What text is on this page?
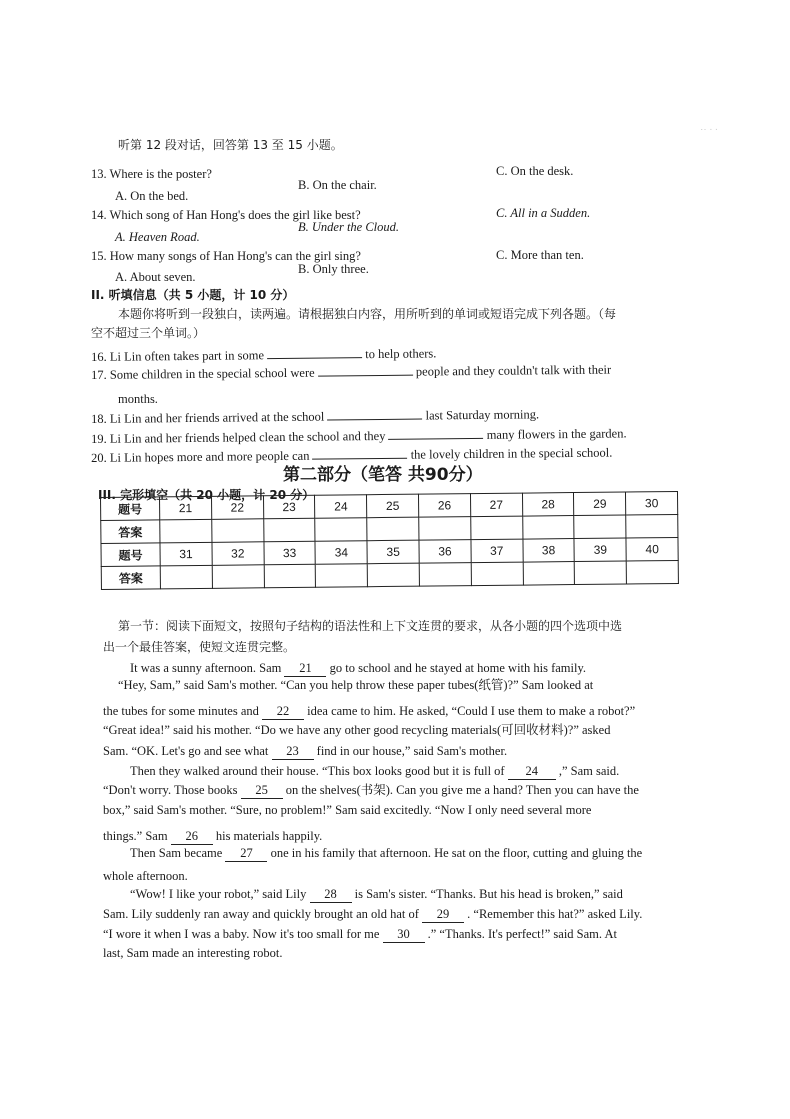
‥ . .
听第 12 段对话，回答第 13 至 15 小题。
13. Where is the poster?	C. On the desk.
B. On the chair.
A. On the bed.
14. Which song of Han Hong's does the girl like best?	C. All in a Sudden.
B. Under the Cloud.
A. Heaven Road.
15. How many songs of Han Hong's can the girl sing?	C. More than ten.
B. Only three.
A. About seven.
II. 听填信息（共 5 小题，计 10 分）
本题你将听到一段独白，读两遍。请根据独白内容，用所听到的单词或短语完成下列各题。（每
空不超过三个单词。）
16. Li Lin often takes part in some	to help others.
17. Some children in the special school were	people and they couldn't talk with their
months.
18. Li Lin and her friends arrived at the school	last Saturday morning.
19. Li Lin and her friends helped clean the school and they	many flowers in the garden.
20. Li Lin hopes more and more people can	the lovely children in the special school.
第二部分（笔答 共90分）
III. 完形填空（共 20 小题，计 20 分）
题号	21	22	23	24	25	26	27	28	29	30
答案										
题号	31	32	33	34	35	36	37	38	39	40
答案										
第一节：阅读下面短文，按照句子结构的语法性和上下文连贯的要求，从各小题的四个选项中选
出一个最佳答案，使短文连贯完整。
It was a sunny afternoon. Sam 21 go to school and he stayed at home with his family.
“Hey, Sam,” said Sam's mother. “Can you help throw these paper tubes(纸管)?” Sam looked at
the tubes for some minutes and 22 idea came to him. He asked, “Could I use them to make a robot?”
“Great idea!” said his mother. “Do we have any other good recycling materials(可回收材料)?” asked
Sam. “OK. Let's go and see what 23 find in our house,” said Sam's mother.
Then they walked around their house. “This box looks good but it is full of 24 ,” Sam said.
“Don't worry. Those books 25 on the shelves(书架). Can you give me a hand? Then you can have the
box,” said Sam's mother. “Sure, no problem!” Sam said excitedly. “Now I only need several more
things.” Sam 26 his materials happily.
Then Sam became 27 one in his family that afternoon. He sat on the floor, cutting and gluing the
whole afternoon.
“Wow! I like your robot,” said Lily 28 is Sam's sister. “Thanks. But his head is broken,” said
Sam. Lily suddenly ran away and quickly brought an old hat of 29 . “Remember this hat?” asked Lily.
“I wore it when I was a baby. Now it's too small for me 30 .” “Thanks. It's perfect!” said Sam. At
last, Sam made an interesting robot.
